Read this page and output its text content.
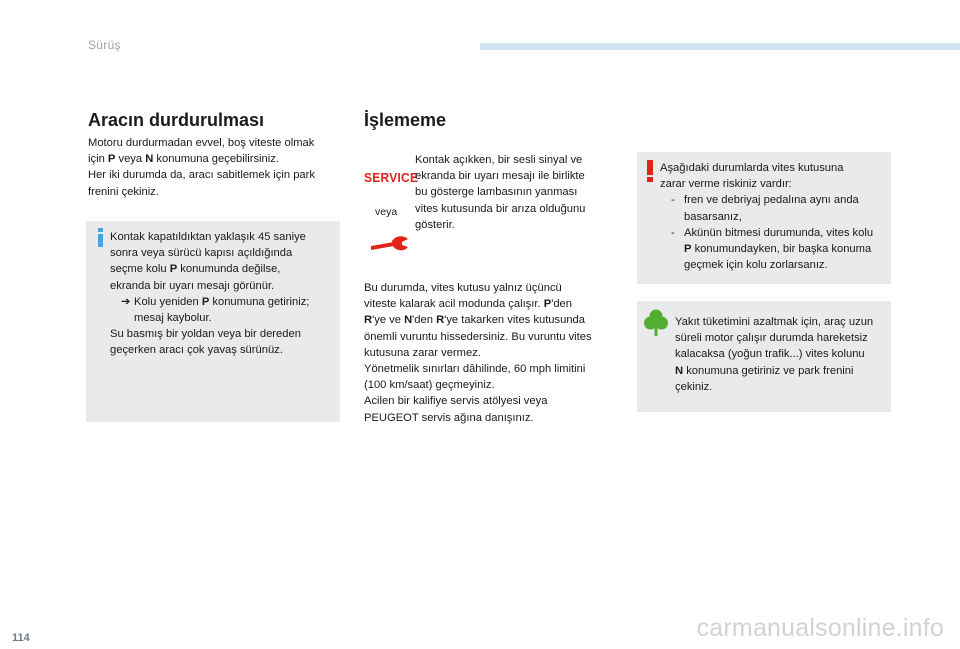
Sürüş
Aracın durdurulması
Motoru durdurmadan evvel, boş viteste olmak
için P veya N konumuna geçebilirsiniz.
Her iki durumda da, aracı sabitlemek için park
frenini çekiniz.
Kontak kapatıldıktan yaklaşık 45 saniye
sonra veya sürücü kapısı açıldığında
seçme kolu P konumunda değilse,
ekranda bir uyarı mesajı görünür.
➔ Kolu yeniden P konumuna getiriniz;
mesaj kaybolur.
Su basmış bir yoldan veya bir dereden
geçerken aracı çok yavaş sürünüz.
İşlememe
SERVICE
veya
Kontak açıkken, bir sesli sinyal ve
ekranda bir uyarı mesajı ile birlikte
bu gösterge lambasının yanması
vites kutusunda bir arıza olduğunu
gösterir.
Bu durumda, vites kutusu yalnız üçüncü
viteste kalarak acil modunda çalışır. P'den
R'ye ve N'den R'ye takarken vites kutusunda
önemli vuruntu hissedersiniz. Bu vuruntu vites
kutusuna zarar vermez.
Yönetmelik sınırları dâhilinde, 60 mph limitini
(100 km/saat) geçmeyiniz.
Acilen bir kalifiye servis atölyesi veya
PEUGEOT servis ağına danışınız.
Aşağıdaki durumlarda vites kutusuna
zarar verme riskiniz vardır:
- fren ve debriyaj pedalına aynı anda
basarsanız,
- Akünün bitmesi durumunda, vites kolu
P konumundayken, bir başka konuma
geçmek için kolu zorlarsanız.
Yakıt tüketimini azaltmak için, araç uzun
süreli motor çalışır durumda hareketsiz
kalacaksa (yoğun trafik...) vites kolunu
N konumuna getiriniz ve park frenini
çekiniz.
114	carmanualsonline.info
